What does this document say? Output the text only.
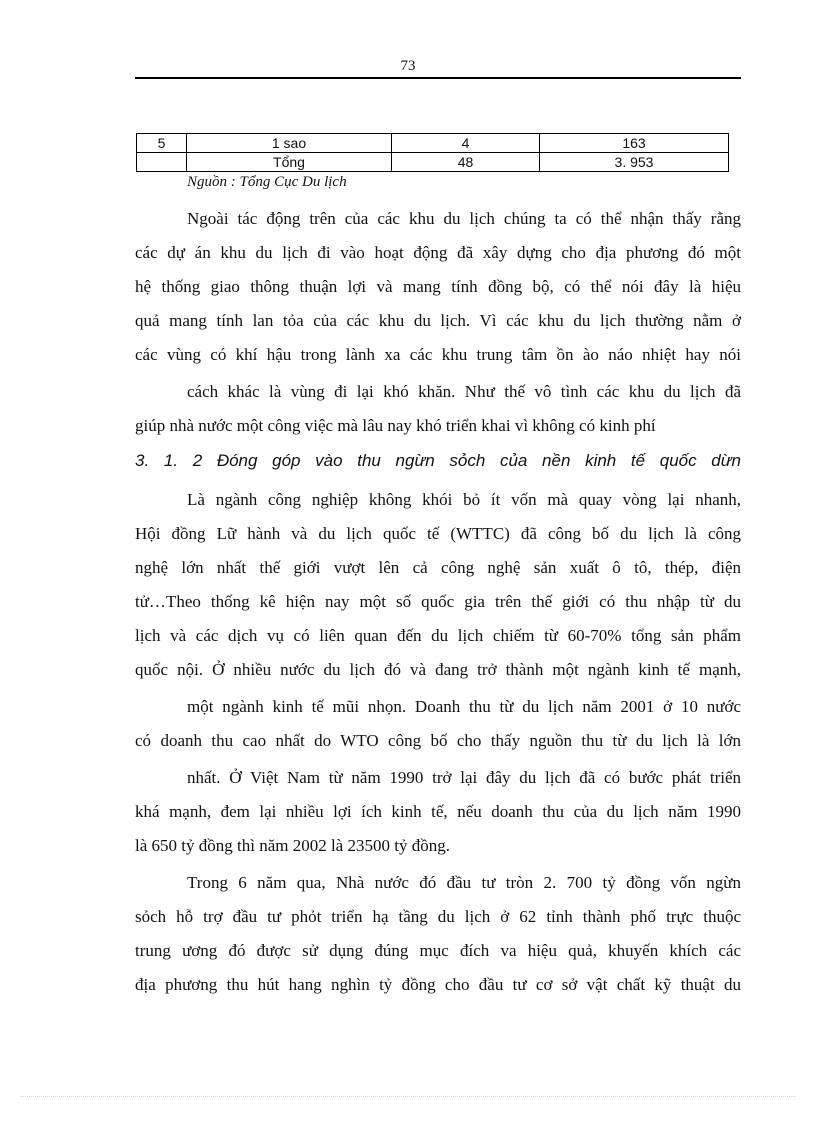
73
5	1 sao	4	163
	Tổng	48	3. 953
Nguồn : Tổng Cục Du lịch
Ngoài tác động trên của các khu du lịch chúng ta có thể nhận thấy rằng
các dự án khu du lịch đi vào hoạt động đã xây dựng cho địa phương đó một
hệ thống giao thông thuận lợi và mang tính đồng bộ, có thể nói đây là hiệu
quả mang tính lan tỏa của các khu du lịch. Vì các khu du lịch thường nằm ở
các vùng có khí hậu trong lành xa các khu trung tâm ồn ào náo nhiệt hay nói
cách khác là vùng đi lại khó khăn. Như thế vô tình các khu du lịch đã
giúp nhà nước một công việc mà lâu nay khó triển khai vì không có kinh phí
3. 1. 2 Đóng góp vào thu ngừn sỏch của nền kinh tế quốc dừn
Là ngành công nghiệp không khói bỏ ít vốn mà quay vòng lại nhanh,
Hội đồng Lữ hành và du lịch quốc tế (WTTC) đã công bố du lịch là công
nghệ lớn nhất thế giới vượt lên cả công nghệ sản xuất ô tô, thép, điện
tử…Theo thống kê hiện nay một số quốc gia trên thế giới có thu nhập từ du
lịch và các dịch vụ có liên quan đến du lịch chiếm từ 60-70% tổng sản phẩm
quốc nội. Ở nhiều nước du lịch đó và đang trở thành một ngành kinh tế mạnh,
một ngành kinh tế mũi nhọn. Doanh thu từ du lịch năm 2001 ở 10 nước
có doanh thu cao nhất do WTO công bố cho thấy nguồn thu từ du lịch là lớn
nhất. Ở Việt Nam từ năm 1990 trở lại đây du lịch đã có bước phát triển
khá mạnh, đem lại nhiều lợi ích kinh tế, nếu doanh thu của du lịch năm 1990
là 650 tỷ đồng thì năm 2002 là 23500 tỷ đồng.
Trong 6 năm qua, Nhà nước đó đầu tư tròn 2. 700 tỷ đồng vốn ngừn
sỏch hỗ trợ đầu tư phỏt triển hạ tầng du lịch ở 62 tỉnh thành phố trực thuộc
trung ương đó được sử dụng đúng mục đích va hiệu quả, khuyến khích các
địa phương thu hút hang nghìn tỷ đồng cho đầu tư cơ sở vật chất kỹ thuật du
